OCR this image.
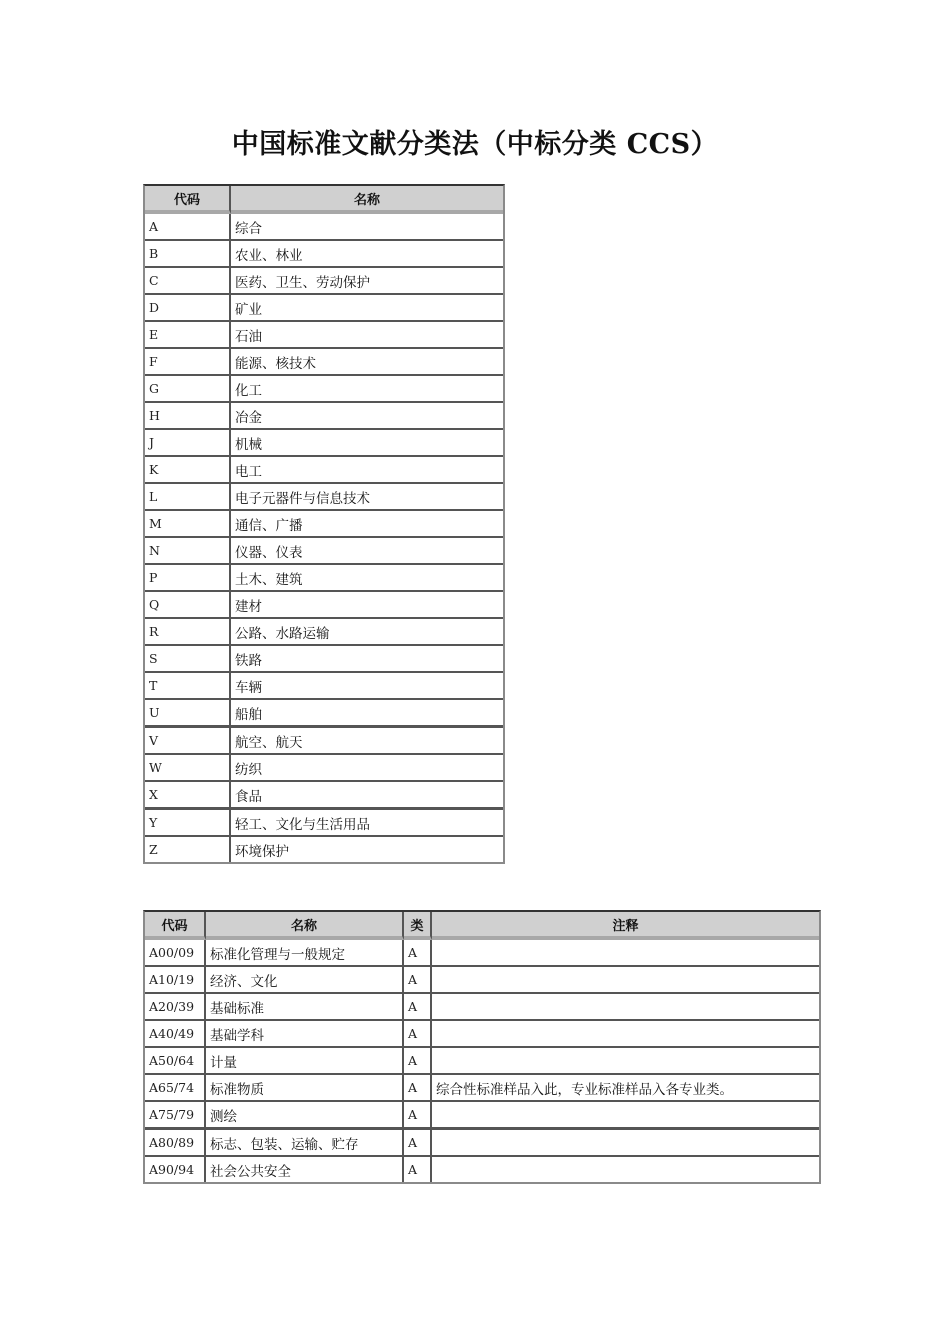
中国标准文献分类法（中标分类 CCS）
代码	名称
A	综合
B	农业、林业
C	医药、卫生、劳动保护
D	矿业
E	石油
F	能源、核技术
G	化工
H	冶金
J	机械
K	电工
L	电子元器件与信息技术
M	通信、广播
N	仪器、仪表
P	土木、建筑
Q	建材
R	公路、水路运输
S	铁路
T	车辆
U	船舶
V	航空、航天
W	纺织
X	食品
Y	轻工、文化与生活用品
Z	环境保护
代码	名称	类	注释
A00/09	标准化管理与一般规定	A	
A10/19	经济、文化	A	
A20/39	基础标准	A	
A40/49	基础学科	A	
A50/64	计量	A	
A65/74	标准物质	A	综合性标准样品入此，专业标准样品入各专业类。
A75/79	测绘	A	
A80/89	标志、包装、运输、贮存	A	
A90/94	社会公共安全	A	
